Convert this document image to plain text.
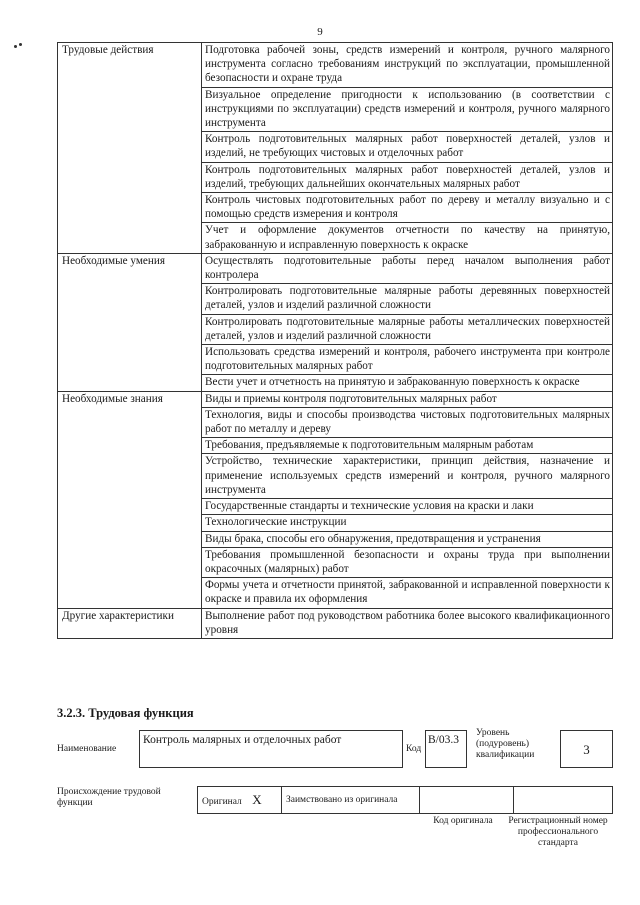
9
Трудовые действия	Подготовка рабочей зоны, средств измерений и контроля, ручного малярного инструмента согласно требованиям инструкций по эксплуатации, промышленной безопасности и охране труда
	Визуальное определение пригодности к использованию (в соответствии с инструкциями по эксплуатации) средств измерений и контроля, ручного малярного инструмента
	Контроль подготовительных малярных работ поверхностей деталей, узлов и изделий, не требующих чистовых и отделочных работ
	Контроль подготовительных малярных работ поверхностей деталей, узлов и изделий, требующих дальнейших окончательных малярных работ
	Контроль чистовых подготовительных работ по дереву и металлу визуально и с помощью средств измерения и контроля
	Учет и оформление документов отчетности по качеству на принятую, забракованную и исправленную поверхность к окраске
Необходимые умения	Осуществлять подготовительные работы перед началом выполнения работ контролера
	Контролировать подготовительные малярные работы деревянных поверхностей деталей, узлов и изделий различной сложности
	Контролировать подготовительные малярные работы металлических поверхностей деталей, узлов и изделий различной сложности
	Использовать средства измерений и контроля, рабочего инструмента при контроле подготовительных малярных работ
	Вести учет и отчетность на принятую и забракованную поверхность к окраске
Необходимые знания	Виды и приемы контроля подготовительных малярных работ
	Технология, виды и способы производства чистовых подготовительных малярных работ по металлу и дереву
	Требования, предъявляемые к подготовительным малярным работам
	Устройство, технические характеристики, принцип действия, назначение и применение используемых средств измерений и контроля, ручного малярного инструмента
	Государственные стандарты и технические условия на краски и лаки
	Технологические инструкции
	Виды брака, способы его обнаружения, предотвращения и устранения
	Требования промышленной безопасности и охраны труда при выполнении окрасочных (малярных) работ
	Формы учета и отчетности принятой, забракованной и исправленной поверхности к окраске и правила их оформления
Другие характеристики	Выполнение работ под руководством работника более высокого квалификационного уровня
3.2.3. Трудовая функция
Наименование
Контроль малярных и отделочных работ
Код
В/03.3
Уровень (подуровень) квалификации	3
Происхождение трудовой функции	Оригинал X	Заимствовано из оригинала		
Код оригинала	Регистрационный номер профессионального стандарта
